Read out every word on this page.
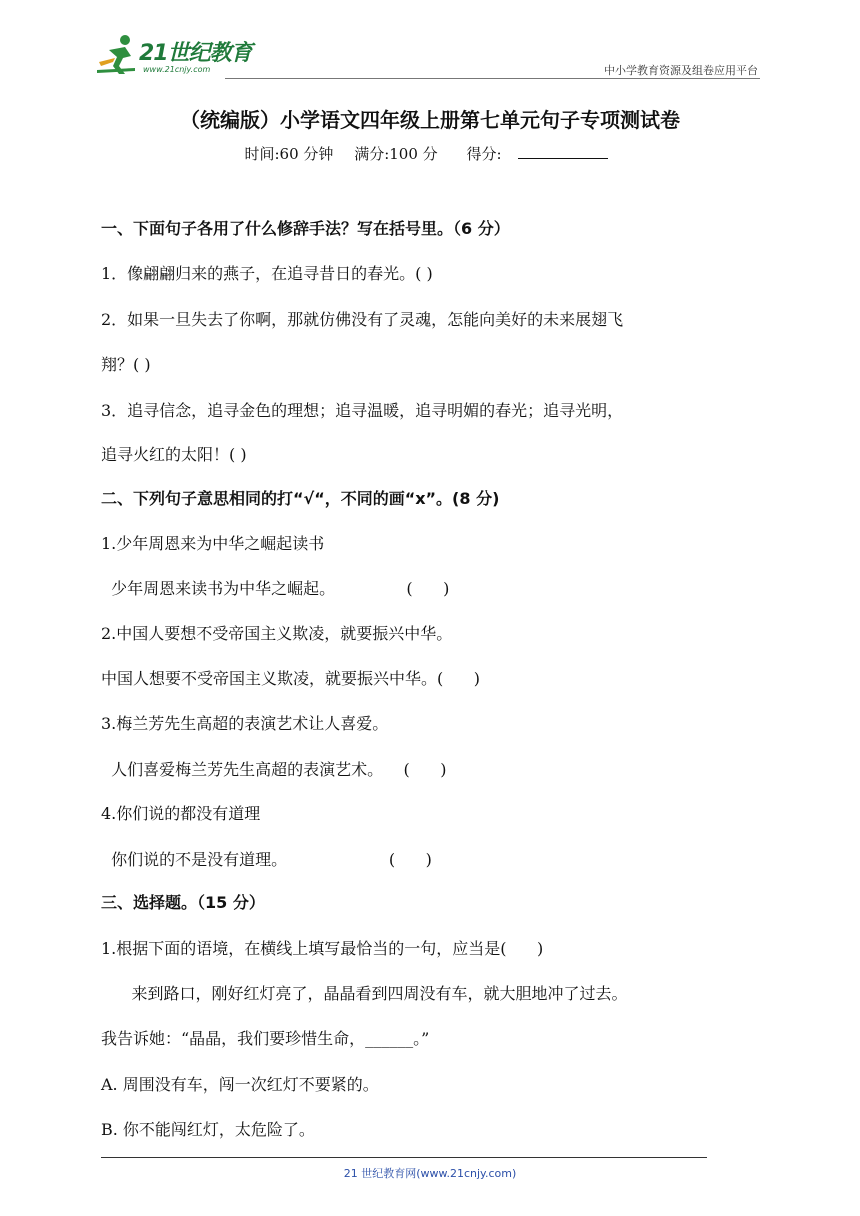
21世纪教育
www.21cnjy.com	中小学教育资源及组卷应用平台
（统编版）小学语文四年级上册第七单元句子专项测试卷
时间:60 分钟 满分:100 分 得分:
一、下面句子各用了什么修辞手法？写在括号里。（6 分）
1．像翩翩归来的燕子，在追寻昔日的春光。( )
2．如果一旦失去了你啊，那就仿佛没有了灵魂，怎能向美好的未来展翅飞
翔？( )
3．追寻信念，追寻金色的理想；追寻温暖，追寻明媚的春光；追寻光明，
追寻火红的太阳！( )
二、下列句子意思相同的打“√“，不同的画“x”。(8 分)
1.少年周恩来为中华之崛起读书
少年周恩来读书为中华之崛起。              (      )
2.中国人要想不受帝国主义欺凌，就要振兴中华。
中国人想要不受帝国主义欺凌，就要振兴中华。(      )
3.梅兰芳先生高超的表演艺术让人喜爱。
人们喜爱梅兰芳先生高超的表演艺术。    (      )
4.你们说的都没有道理
你们说的不是没有道理。                    (      )
三、选择题。（15 分）
1.根据下面的语境，在横线上填写最恰当的一句，应当是(      )
来到路口，刚好红灯亮了，晶晶看到四周没有车，就大胆地冲了过去。
我告诉她：“晶晶，我们要珍惜生命，______。”
A. 周围没有车，闯一次红灯不要紧的。
B. 你不能闯红灯，太危险了。
21 世纪教育网(www.21cnjy.com)
